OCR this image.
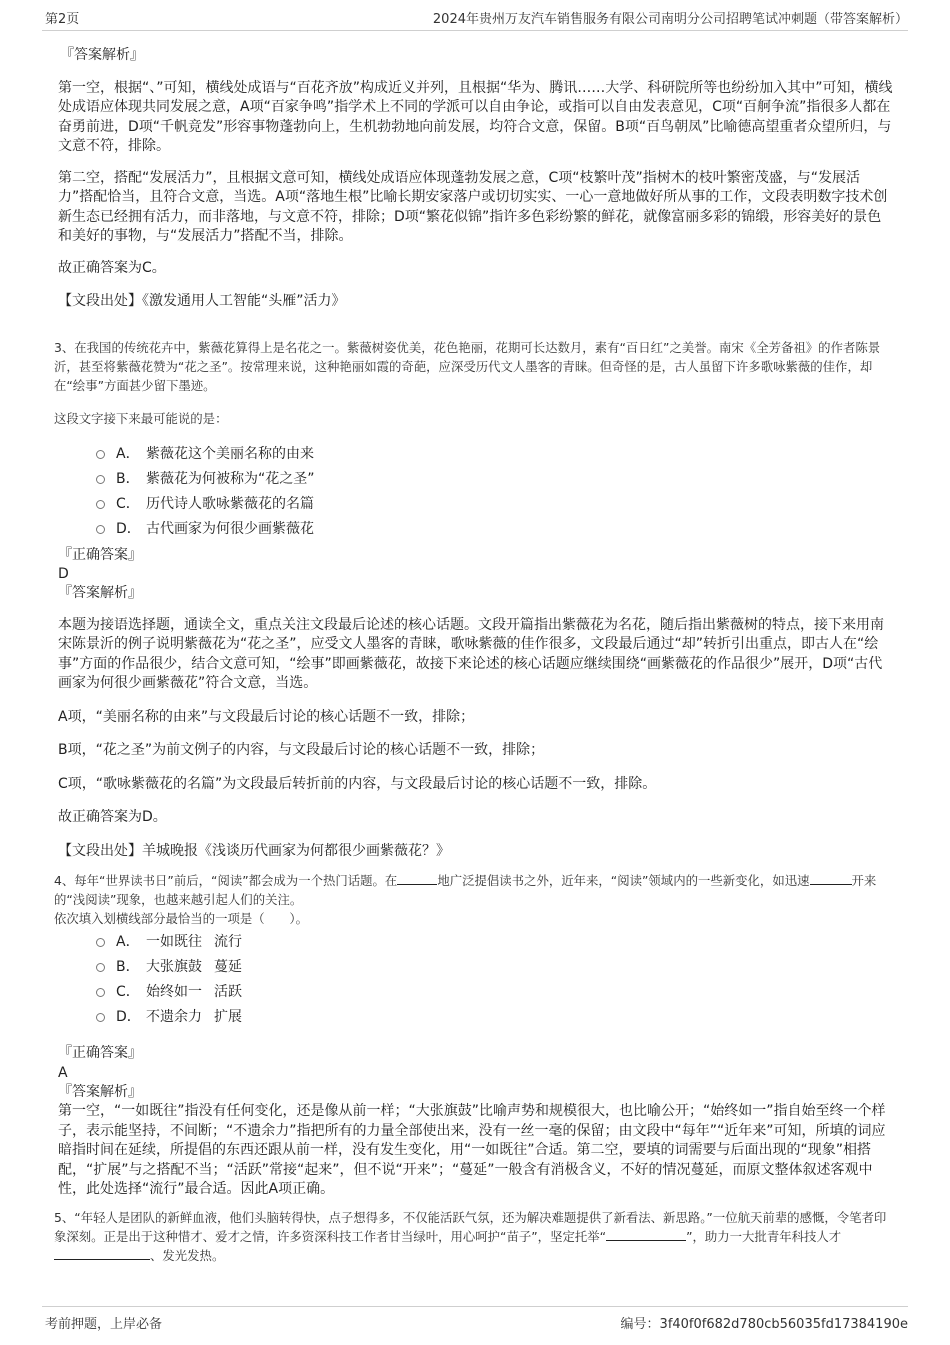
第2页	2024年贵州万友汽车销售服务有限公司南明分公司招聘笔试冲刺题（带答案解析）

『答案解析』

第一空，根据“、”可知，横线处成语与“百花齐放”构成近义并列，且根据“华为、腾讯……大学、科研院所等也纷纷加入其中”可知，横线处成语应体现共同发展之意，A项“百家争鸣”指学术上不同的学派可以自由争论，或指可以自由发表意见，C项“百舸争流”指很多人都在奋勇前进，D项“千帆竞发”形容事物蓬勃向上，生机勃勃地向前发展，均符合文意，保留。B项“百鸟朝凤”比喻德高望重者众望所归，与文意不符，排除。

第二空，搭配“发展活力”，且根据文意可知，横线处成语应体现蓬勃发展之意，C项“枝繁叶茂”指树木的枝叶繁密茂盛，与“发展活力”搭配恰当，且符合文意，当选。A项“落地生根”比喻长期安家落户或切切实实、一心一意地做好所从事的工作，文段表明数字技术创新生态已经拥有活力，而非落地，与文意不符，排除；D项“繁花似锦”指许多色彩纷繁的鲜花，就像富丽多彩的锦缎，形容美好的景色和美好的事物，与“发展活力”搭配不当，排除。

故正确答案为C。

【文段出处】《激发通用人工智能“头雁”活力》

3、在我国的传统花卉中，紫薇花算得上是名花之一。紫薇树姿优美，花色艳丽，花期可长达数月，素有“百日红”之美誉。南宋《全芳备祖》的作者陈景沂，甚至将紫薇花赞为“花之圣”。按常理来说，这种艳丽如霞的奇葩，应深受历代文人墨客的青睐。但奇怪的是，古人虽留下许多歌咏紫薇的佳作，却在“绘事”方面甚少留下墨迹。

这段文字接下来最可能说的是：

A． 紫薇花这个美丽名称的由来
B． 紫薇花为何被称为“花之圣”
C． 历代诗人歌咏紫薇花的名篇
D． 古代画家为何很少画紫薇花

『正确答案』

D

『答案解析』

本题为接语选择题，通读全文，重点关注文段最后论述的核心话题。文段开篇指出紫薇花为名花，随后指出紫薇树的特点，接下来用南宋陈景沂的例子说明紫薇花为“花之圣”，应受文人墨客的青睐，歌咏紫薇的佳作很多，文段最后通过“却”转折引出重点，即古人在“绘事”方面的作品很少，结合文意可知，“绘事”即画紫薇花，故接下来论述的核心话题应继续围绕“画紫薇花的作品很少”展开，D项“古代画家为何很少画紫薇花”符合文意，当选。

A项，“美丽名称的由来”与文段最后讨论的核心话题不一致，排除；

B项，“花之圣”为前文例子的内容，与文段最后讨论的核心话题不一致，排除；

C项，“歌咏紫薇花的名篇”为文段最后转折前的内容，与文段最后讨论的核心话题不一致，排除。

故正确答案为D。

【文段出处】羊城晚报《浅谈历代画家为何都很少画紫薇花？》

4、每年“世界读书日”前后，“阅读”都会成为一个热门话题。在	地广泛提倡读书之外，近年来，“阅读”领域内的一些新变化，如迅速	开来的“浅阅读”现象，也越来越引起人们的关注。

依次填入划横线部分最恰当的一项是（　　）。

A． 一如既往 流行
B． 大张旗鼓 蔓延
C． 始终如一 活跃
D． 不遗余力 扩展

『正确答案』

A

『答案解析』

第一空，“一如既往”指没有任何变化，还是像从前一样；“大张旗鼓”比喻声势和规模很大，也比喻公开；“始终如一”指自始至终一个样子，表示能坚持，不间断；“不遗余力”指把所有的力量全部使出来，没有一丝一毫的保留；由文段中“每年”“近年来”可知，所填的词应暗指时间在延续，所提倡的东西还跟从前一样，没有发生变化，用“一如既往”合适。第二空，要填的词需要与后面出现的“现象”相搭配，“扩展”与之搭配不当；“活跃”常接“起来”，但不说“开来”；“蔓延”一般含有消极含义，不好的情况蔓延，而原文整体叙述客观中性，此处选择“流行”最合适。因此A项正确。

5、“年轻人是团队的新鲜血液，他们头脑转得快，点子想得多，不仅能活跃气氛，还为解决难题提供了新看法、新思路。”一位航天前辈的感慨，令笔者印象深刻。正是出于这种惜才、爱才之情，许多资深科技工作者甘当绿叶，用心呵护“苗子”，坚定托举“	”，助力一大批青年科技人才、发光发热。

考前押题，上岸必备	编号：3f40f0f682d780cb56035fd17384190e
